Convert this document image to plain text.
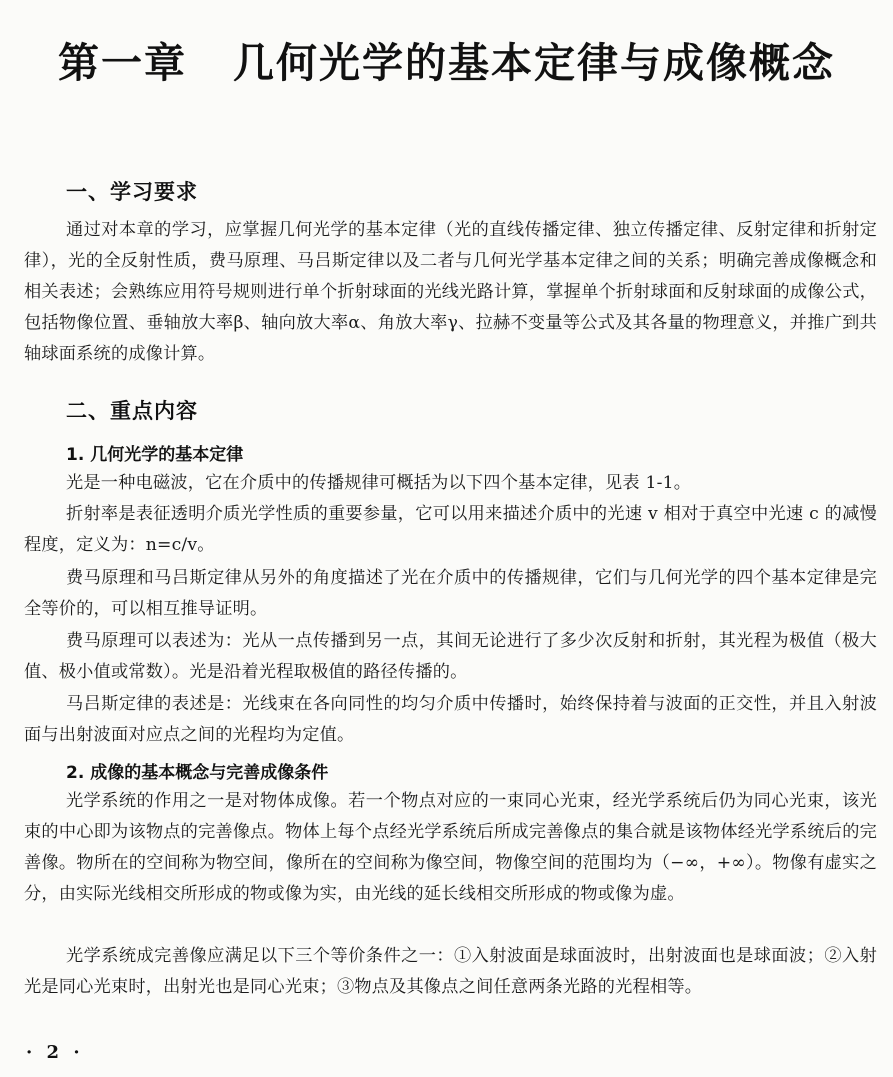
第一章 几何光学的基本定律与成像概念
一、学习要求

通过对本章的学习，应掌握几何光学的基本定律（光的直线传播定律、独立传播定律、反射定律和折射定律），光的全反射性质，费马原理、马吕斯定律以及二者与几何光学基本定律之间的关系；明确完善成像概念和相关表述；会熟练应用符号规则进行单个折射球面的光线光路计算，掌握单个折射球面和反射球面的成像公式，包括物像位置、垂轴放大率β、轴向放大率α、角放大率γ、拉赫不变量等公式及其各量的物理意义，并推广到共轴球面系统的成像计算。

二、重点内容
1. 几何光学的基本定律

光是一种电磁波，它在介质中的传播规律可概括为以下四个基本定律，见表 1-1。

折射率是表征透明介质光学性质的重要参量，它可以用来描述介质中的光速 v 相对于真空中光速 c 的减慢程度，定义为：n=c/v。

费马原理和马吕斯定律从另外的角度描述了光在介质中的传播规律，它们与几何光学的四个基本定律是完全等价的，可以相互推导证明。

费马原理可以表述为：光从一点传播到另一点，其间无论进行了多少次反射和折射，其光程为极值（极大值、极小值或常数）。光是沿着光程取极值的路径传播的。

马吕斯定律的表述是：光线束在各向同性的均匀介质中传播时，始终保持着与波面的正交性，并且入射波面与出射波面对应点之间的光程均为定值。

2. 成像的基本概念与完善成像条件

光学系统的作用之一是对物体成像。若一个物点对应的一束同心光束，经光学系统后仍为同心光束，该光束的中心即为该物点的完善像点。物体上每个点经光学系统后所成完善像点的集合就是该物体经光学系统后的完善像。物所在的空间称为物空间，像所在的空间称为像空间，物像空间的范围均为（−∞，+∞）。物像有虚实之分，由实际光线相交所形成的物或像为实，由光线的延长线相交所形成的物或像为虚。

光学系统成完善像应满足以下三个等价条件之一：①入射波面是球面波时，出射波面也是球面波；②入射光是同心光束时，出射光也是同心光束；③物点及其像点之间任意两条光路的光程相等。

· 2 ·
